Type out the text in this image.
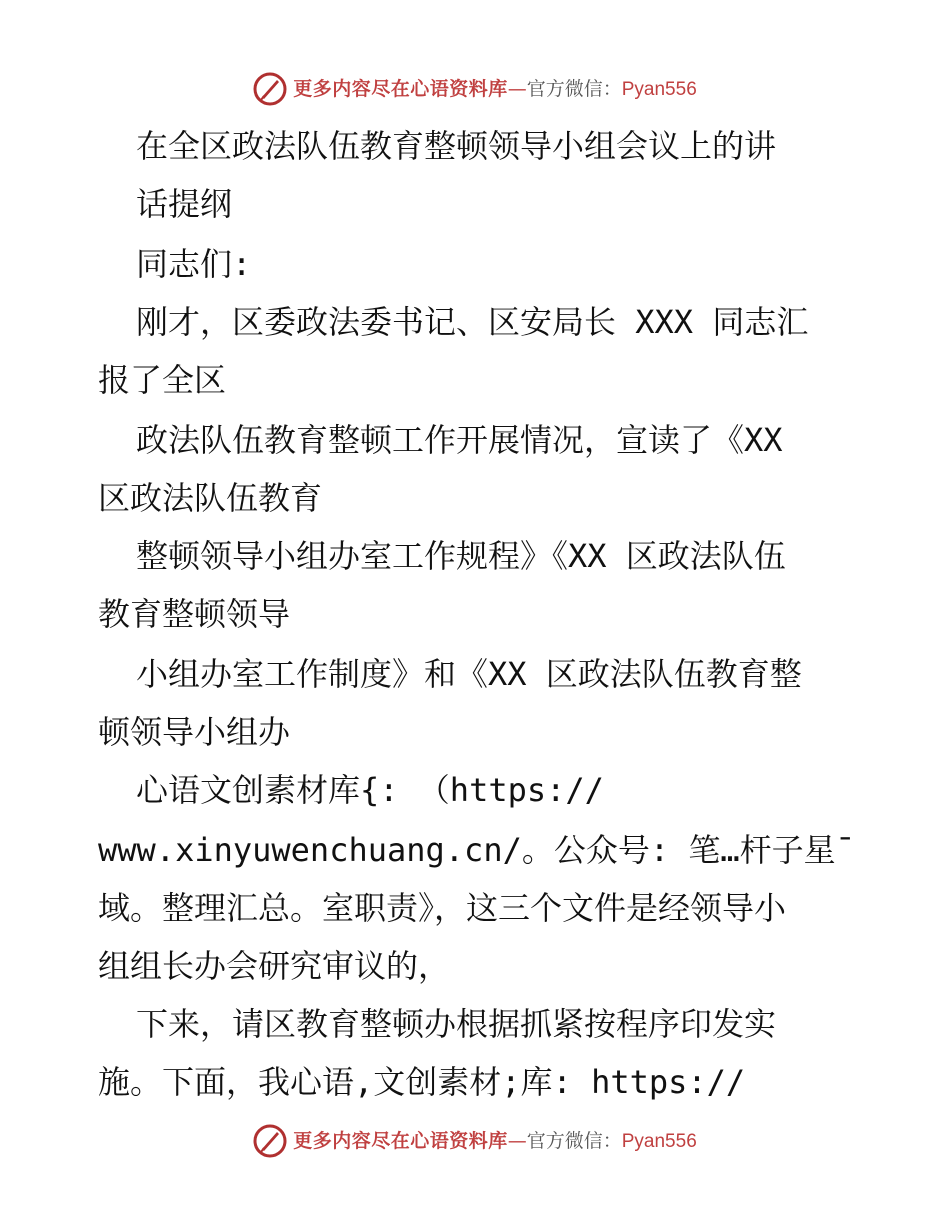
更多内容尽在心语资料库 — 官方微信： Pyan556
在全区政法队伍教育整顿领导小组会议上的讲
话提纲
同志们:
刚才，区委政法委书记、区安局长 XXX 同志汇
报了全区
政法队伍教育整顿工作开展情况，宣读了《XX
区政法队伍教育
整顿领导小组办室工作规程》《XX 区政法队伍
教育整顿领导
小组办室工作制度》和《XX 区政法队伍教育整
顿领导小组办
心语文创素材库{: （https://
www.xinyuwenchuang.cn/。公众号: 笔…杆子星¯
域。整理汇总。室职责》，这三个文件是经领导小
组组长办会研究审议的，
下来，请区教育整顿办根据抓紧按程序印发实
施。下面，我心语,文创素材;库: https://
更多内容尽在心语资料库 — 官方微信： Pyan556
